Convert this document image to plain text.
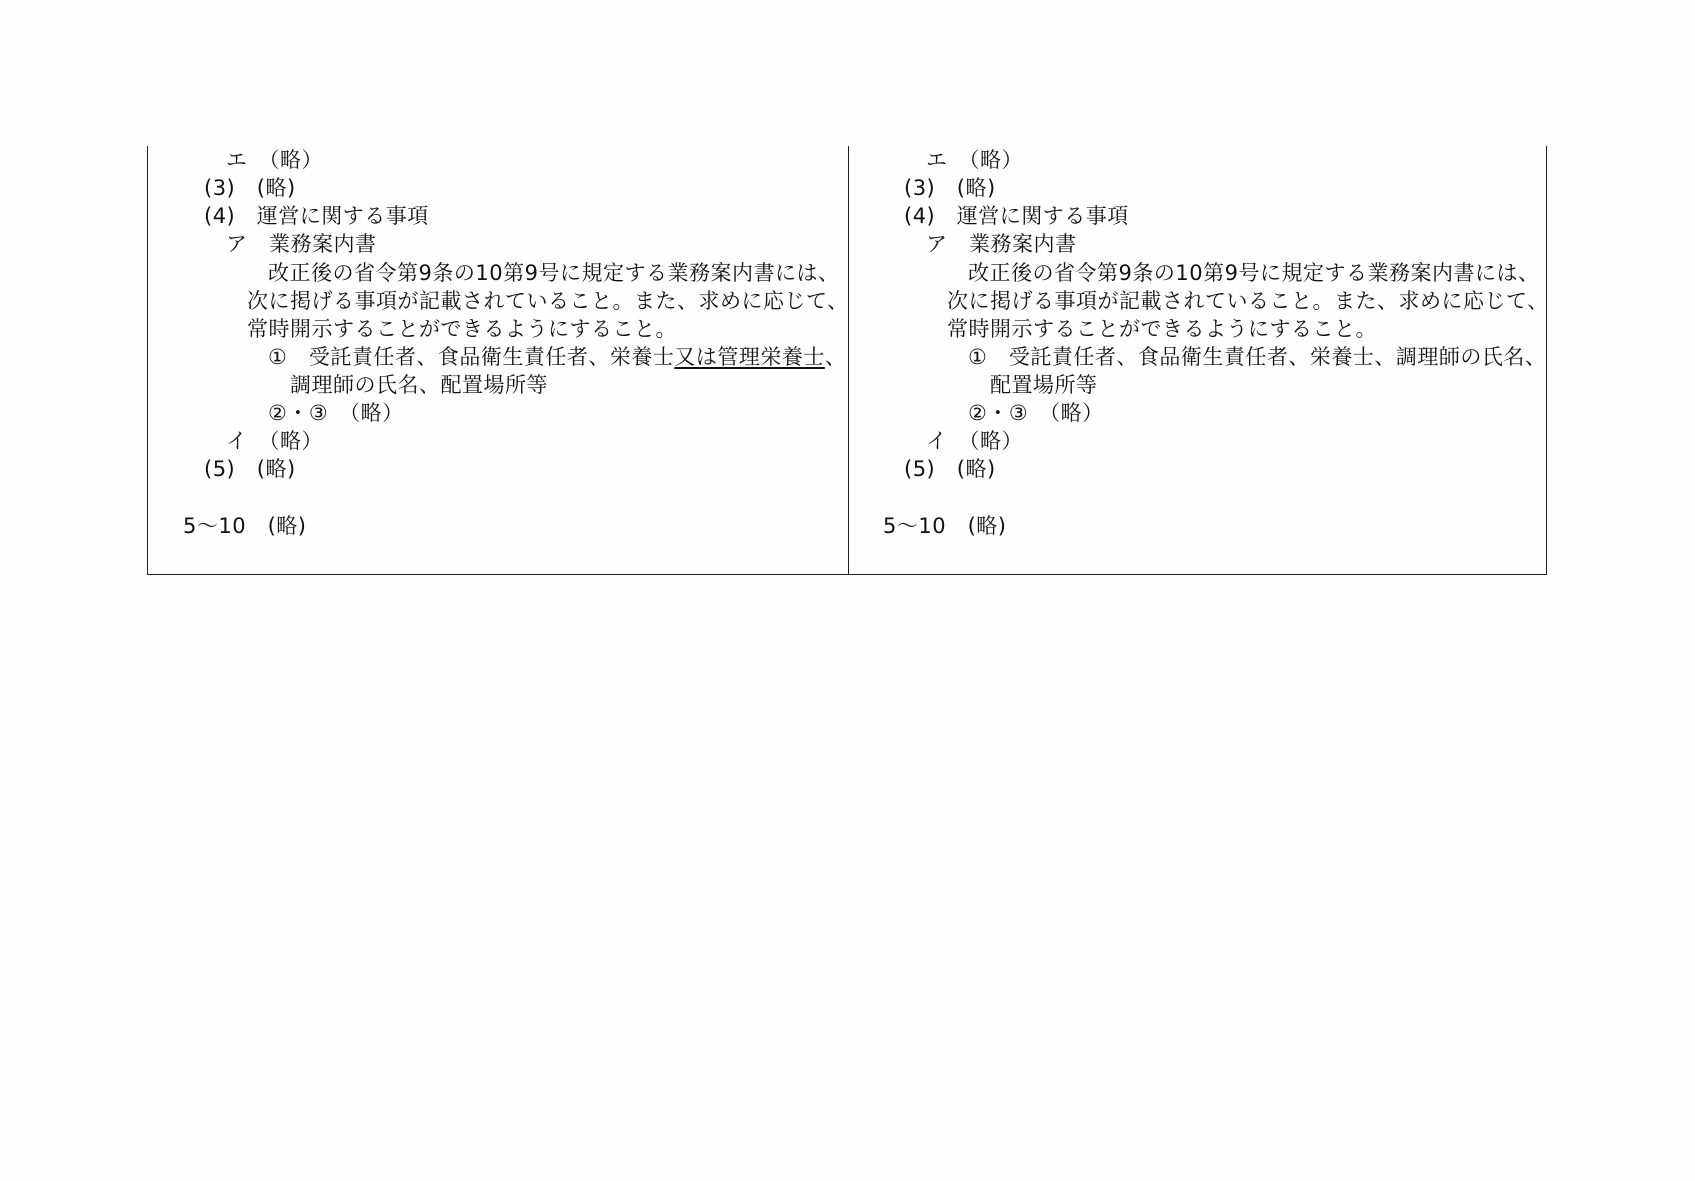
エ　（略）
(3)　(略)
(4)　運営に関する事項
ア　業務案内書
改正後の省令第9条の10第9号に規定する業務案内書には、
次に掲げる事項が記載されていること。また、求めに応じて、
常時開示することができるようにすること。
①　受託責任者、食品衛生責任者、栄養士又は管理栄養士、
調理師の氏名、配置場所等
②・③　（略）
イ　（略）
(5)　(略)
5〜10　(略)
エ　（略）
(3)　(略)
(4)　運営に関する事項
ア　業務案内書
改正後の省令第9条の10第9号に規定する業務案内書には、
次に掲げる事項が記載されていること。また、求めに応じて、
常時開示することができるようにすること。
①　受託責任者、食品衛生責任者、栄養士、調理師の氏名、
配置場所等
②・③　（略）
イ　（略）
(5)　(略)
5〜10　(略)
